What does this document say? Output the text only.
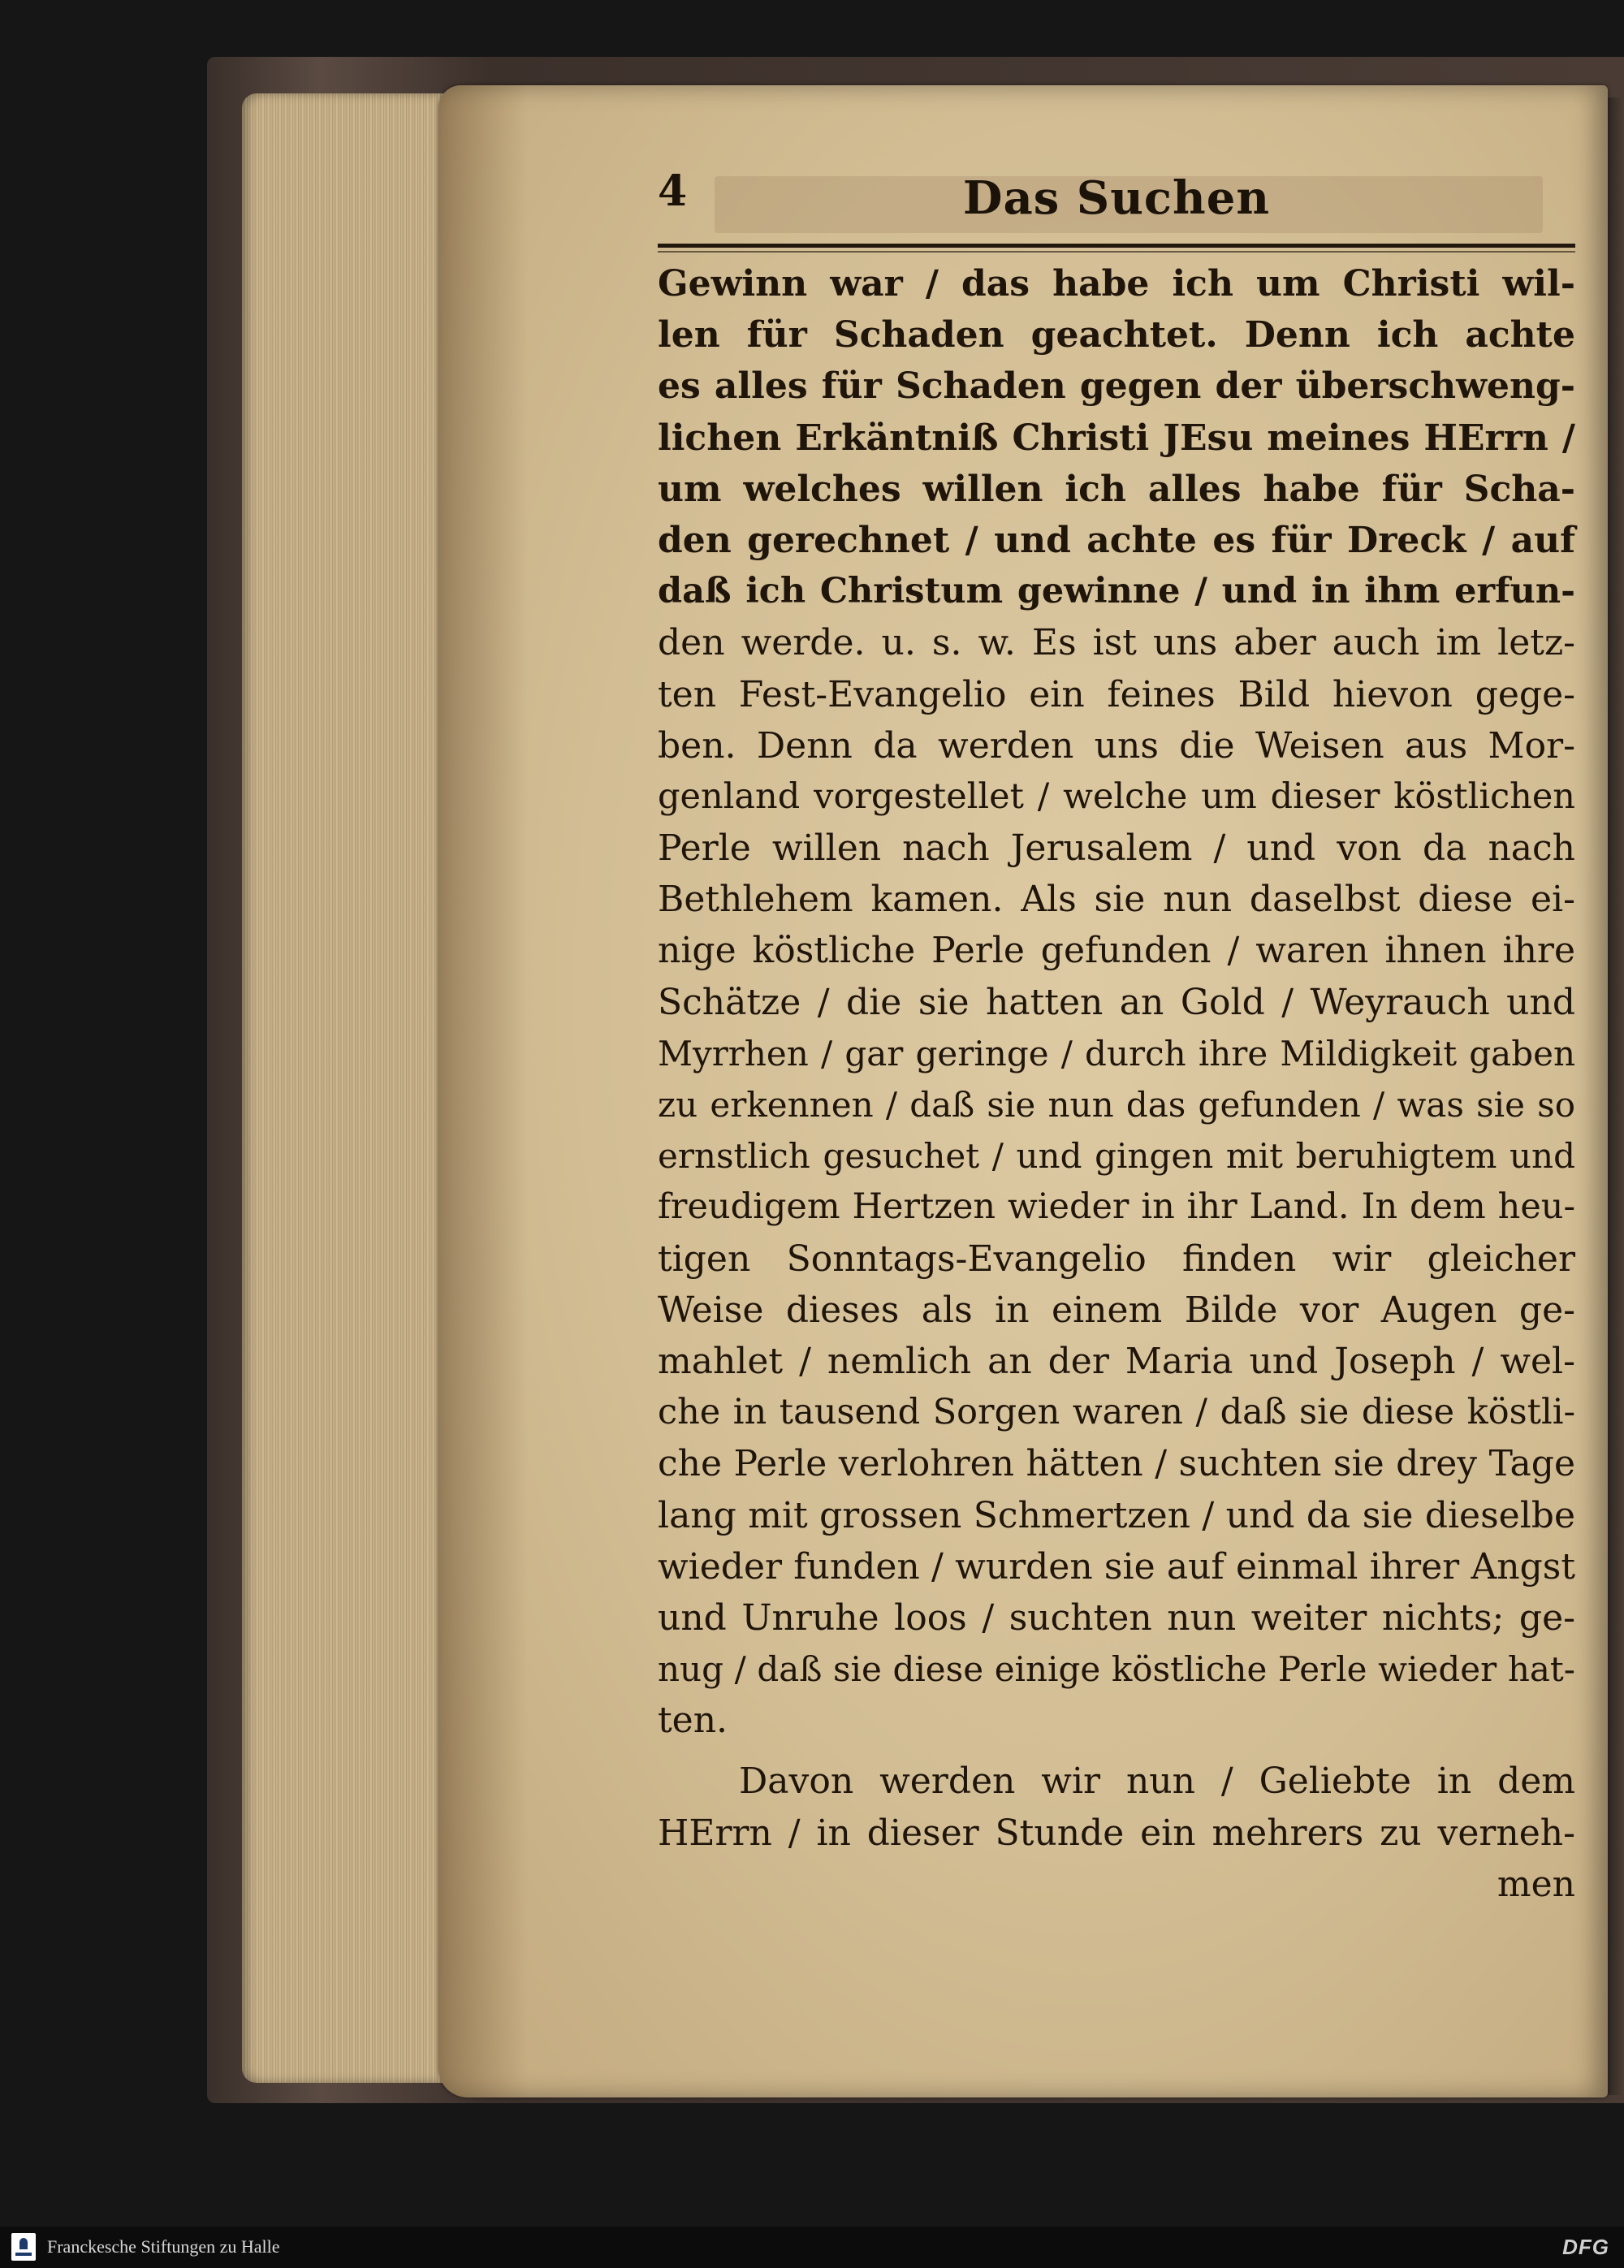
4	Das Suchen
Gewinn war / das habe ich um Christi wil-
len für Schaden geachtet. Denn ich achte
es alles für Schaden gegen der überschweng-
lichen Erkäntniß Christi JEsu meines HErrn /
um welches willen ich alles habe für Scha-
den gerechnet / und achte es für Dreck / auf
daß ich Christum gewinne / und in ihm erfun-
den werde. u. s. w. Es ist uns aber auch im letz-
ten Fest-Evangelio ein feines Bild hievon gege-
ben. Denn da werden uns die Weisen aus Mor-
genland vorgestellet / welche um dieser köstlichen
Perle willen nach Jerusalem / und von da nach
Bethlehem kamen. Als sie nun daselbst diese ei-
nige köstliche Perle gefunden / waren ihnen ihre
Schätze / die sie hatten an Gold / Weyrauch und
Myrrhen / gar geringe / durch ihre Mildigkeit gaben
zu erkennen / daß sie nun das gefunden / was sie so
ernstlich gesuchet / und gingen mit beruhigtem und
freudigem Hertzen wieder in ihr Land. In dem heu-
tigen Sonntags-Evangelio finden wir gleicher
Weise dieses als in einem Bilde vor Augen ge-
mahlet / nemlich an der Maria und Joseph / wel-
che in tausend Sorgen waren / daß sie diese köstli-
che Perle verlohren hätten / suchten sie drey Tage
lang mit grossen Schmertzen / und da sie dieselbe
wieder funden / wurden sie auf einmal ihrer Angst
und Unruhe loos / suchten nun weiter nichts; ge-
nug / daß sie diese einige köstliche Perle wieder hat-
ten.
Davon werden wir nun / Geliebte in dem
HErrn / in dieser Stunde ein mehrers zu verneh-
men
Franckesche Stiftungen zu Halle	DFG
